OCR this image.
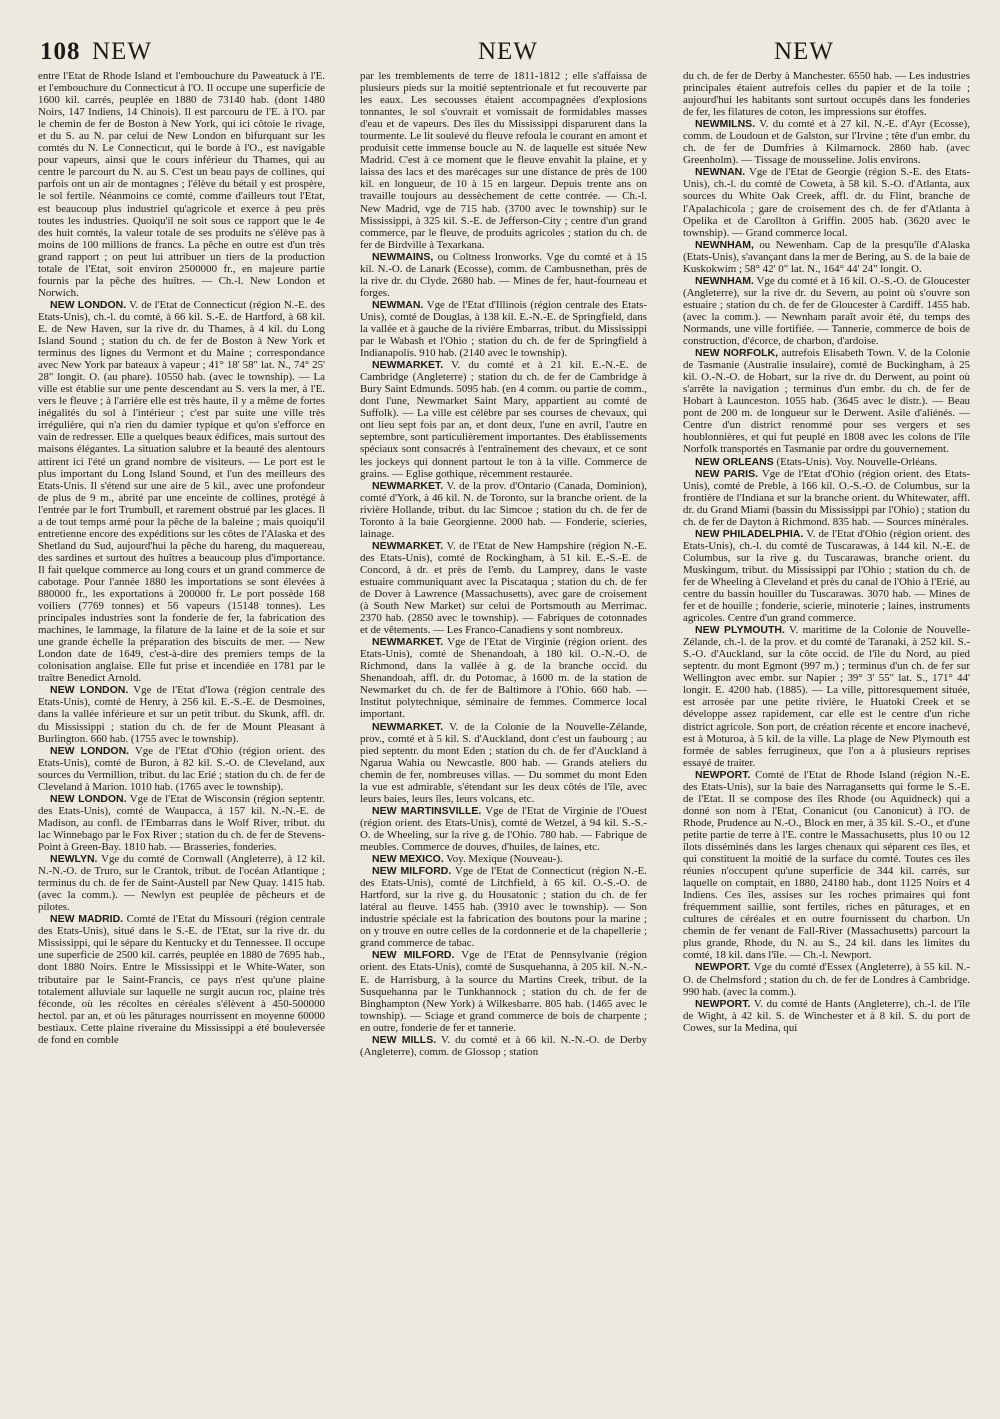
108 NEW	NEW	NEW

entre l'Etat de Rhode Island et l'embouchure du Paweatuck à l'E. et l'embouchure du Connecticut à l'O. Il occupe une superficie de 1600 kil. carrés, peuplée en 1880 de 73140 hab. (dont 1480 Noirs, 147 Indiens, 14 Chinois). Il est parcouru de l'E. à l'O. par le chemin de fer de Boston à New York, qui ici côtoie le rivage, et du S. au N. par celui de New London en bifurquant sur les comtés du N. Le Connecticut, qui le borde à l'O., est navigable pour vapeurs, ainsi que le cours inférieur du Thames, qui au centre le parcourt du N. au S. C'est un beau pays de collines, qui parfois ont un air de montagnes ; l'élève du bétail y est prospère, le sol fertile. Néanmoins ce comté, comme d'ailleurs tout l'Etat, est beaucoup plus industriel qu'agricole et exerce à peu près toutes les industries. Quoiqu'il ne soit sous ce rapport que le 4e des huit comtés, la valeur totale de ses produits ne s'élève pas à moins de 100 millions de francs. La pêche en outre est d'un très grand rapport ; on peut lui attribuer un tiers de la production totale de l'Etat, soit environ 2500000 fr., en majeure partie fournis par la pêche des huîtres. — Ch.-l. New London et Norwich.

NEW LONDON. V. de l'Etat de Connecticut (région N.-E. des Etats-Unis), ch.-l. du comté, à 66 kil. S.-E. de Hartford, à 68 kil. E. de New Haven, sur la rive dr. du Thames, à 4 kil. du Long Island Sound ; station du ch. de fer de Boston à New York et terminus des lignes du Vermont et du Maine ; correspondance avec New York par bateaux à vapeur ; 41° 18' 58" lat. N., 74° 25' 28" longit. O. (au phare). 10550 hab. (avec le township). — La ville est établie sur une pente descendant au S. vers la mer, à l'E. vers le fleuve ; à l'arrière elle est très haute, il y a même de fortes inégalités du sol à l'intérieur ; c'est par suite une ville très irrégulière, qui n'a rien du damier typique et qu'on s'efforce en vain de redresser. Elle a quelques beaux édifices, mais surtout des maisons élégantes. La situation salubre et la beauté des alentours attirent ici l'été un grand nombre de visiteurs. — Le port est le plus important du Long Island Sound, et l'un des meilleurs des Etats-Unis. Il s'étend sur une aire de 5 kil., avec une profondeur de plus de 9 m., abrité par une enceinte de collines, protégé à l'entrée par le fort Trumbull, et rarement obstrué par les glaces. Il a de tout temps armé pour la pêche de la baleine ; mais quoiqu'il entretienne encore des expéditions sur les côtes de l'Alaska et des Shetland du Sud, aujourd'hui la pêche du hareng, du maquereau, des sardines et surtout des huîtres a beaucoup plus d'importance. Il fait quelque commerce au long cours et un grand commerce de cabotage. Pour l'année 1880 les importations se sont élevées à 880000 fr., les exportations à 200000 fr. Le port possède 168 voiliers (7769 tonnes) et 56 vapeurs (15148 tonnes). Les principales industries sont la fonderie de fer, la fabrication des machines, le lammage, la filature de la laine et de la soie et sur une grande échelle la préparation des biscuits de mer. — New London date de 1649, c'est-à-dire des premiers temps de la colonisation anglaise. Elle fut prise et incendiée en 1781 par le traître Benedict Arnold.

NEW LONDON. Vge de l'Etat d'Iowa (région centrale des Etats-Unis), comté de Henry, à 256 kil. E.-S.-E. de Desmoines, dans la vallée inférieure et sur un petit tribut. du Skunk, affl. dr. du Mississippi ; station du ch. de fer de Mount Pleasant à Burlington. 660 hab. (1755 avec le township).

NEW LONDON. Vge de l'Etat d'Ohio (région orient. des Etats-Unis), comté de Buron, à 82 kil. S.-O. de Cleveland, aux sources du Vermillion, tribut. du lac Erié ; station du ch. de fer de Cleveland à Marion. 1010 hab. (1765 avec le township).

NEW LONDON. Vge de l'Etat de Wisconsin (région septentr. des Etats-Unis), comté de Waupacca, à 157 kil. N.-N.-E. de Madison, au confl. de l'Embarras dans le Wolf River, tribut. du lac Winnebago par le Fox River ; station du ch. de fer de Stevens-Point à Green-Bay. 1810 hab. — Brasseries, fonderies.

NEWLYN. Vge du comté de Cornwall (Angleterre), à 12 kil. N.-N.-O. de Truro, sur le Crantok, tribut. de l'océan Atlantique ; terminus du ch. de fer de Saint-Austell par New Quay. 1415 hab. (avec la comm.). — Newlyn est peuplée de pêcheurs et de pilotes.

NEW MADRID. Comté de l'Etat du Missouri (région centrale des Etats-Unis), situé dans le S.-E. de l'Etat, sur la rive dr. du Mississippi, qui le sépare du Kentucky et du Tennessee. Il occupe une superficie de 2500 kil. carrés, peuplée en 1880 de 7695 hab., dont 1880 Noirs. Entre le Mississippi et le White-Water, son tributaire par le Saint-Francis, ce pays n'est qu'une plaine totalement alluviale sur laquelle ne surgit aucun roc, plaine très féconde, où les récoltes en céréales s'élèvent à 450-500000 hectol. par an, et où les pâturages nourrissent en moyenne 60000 bestiaux. Cette plaine riveraine du Mississippi a été bouleversée de fond en comble

par les tremblements de terre de 1811-1812 ; elle s'affaissa de plusieurs pieds sur la moitié septentrionale et fut recouverte par les eaux. Les secousses étaient accompagnées d'explosions tonnantes, le sol s'ouvrait et vomissait de formidables masses d'eau et de vapeurs. Des îles du Mississippi disparurent dans la tourmente. Le lit soulevé du fleuve refoula le courant en amont et produisit cette immense boucle au N. de laquelle est située New Madrid. C'est à ce moment que le fleuve envahit la plaine, et y laissa des lacs et des marécages sur une distance de près de 100 kil. en longueur, de 10 à 15 en largeur. Depuis trente ans on travaille toujours au dessèchement de cette contrée. — Ch.-l. New Madrid, vge de 715 hab. (3700 avec le township) sur le Mississippi, à 325 kil. S.-E. de Jefferson-City ; centre d'un grand commerce, par le fleuve, de produits agricoles ; station du ch. de fer de Birdville à Texarkana.

NEWMAINS, ou Coltness Ironworks. Vge du comté et à 15 kil. N.-O. de Lanark (Ecosse), comm. de Cambusnethan, près de la rive dr. du Clyde. 2680 hab. — Mines de fer, haut-fourneau et forges.

NEWMAN. Vge de l'Etat d'Illinois (région centrale des Etats-Unis), comté de Douglas, à 138 kil. E.-N.-E. de Springfield, dans la vallée et à gauche de la rivière Embarras, tribut. du Mississippi par le Wabash et l'Ohio ; station du ch. de fer de Springfield à Indianapolis. 910 hab. (2140 avec le township).

NEWMARKET. V. du comté et à 21 kil. E.-N.-E. de Cambridge (Angleterre) ; station du ch. de fer de Cambridge à Bury Saint Edmunds. 5095 hab. (en 4 comm. ou partie de comm., dont l'une, Newmarket Saint Mary, appartient au comté de Suffolk). — La ville est célèbre par ses courses de chevaux, qui ont lieu sept fois par an, et dont deux, l'une en avril, l'autre en septembre, sont particulièrement importantes. Des établissements spéciaux sont consacrés à l'entraînement des chevaux, et ce sont les jockeys qui donnent partout le ton à la ville. Commerce de grains. — Eglise gothique, récemment restaurée.

NEWMARKET. V. de la prov. d'Ontario (Canada, Dominion), comté d'York, à 46 kil. N. de Toronto, sur la branche orient. de la rivière Hollande, tribut. du lac Simcoe ; station du ch. de fer de Toronto à la baie Georgienne. 2000 hab. — Fonderie, scieries, lainage.

NEWMARKET. V. de l'Etat de New Hampshire (région N.-E. des Etats-Unis), comté de Rockingham, à 51 kil. E.-S.-E. de Concord, à dr. et près de l'emb. du Lamprey, dans le vaste estuaire communiquant avec la Piscataqua ; station du ch. de fer de Dover à Lawrence (Massachusetts), avec gare de croisement (à South New Market) sur celui de Portsmouth au Merrimac. 2370 hab. (2850 avec le township). — Fabriques de cotonnades et de vêtements. — Les Franco-Canadiens y sont nombreux.

NEWMARKET. Vge de l'Etat de Virginie (région orient. des Etats-Unis), comté de Shenandoah, à 180 kil. O.-N.-O. de Richmond, dans la vallée à g. de la branche occid. du Shenandoah, affl. dr. du Potomac, à 1600 m. de la station de Newmarket du ch. de fer de Baltimore à l'Ohio. 660 hab. — Institut polytechnique, séminaire de femmes. Commerce local important.

NEWMARKET. V. de la Colonie de la Nouvelle-Zélande, prov., comté et à 5 kil. S. d'Auckland, dont c'est un faubourg ; au pied septentr. du mont Eden ; station du ch. de fer d'Auckland à Ngarua Wahia ou Newcastle. 800 hab. — Grands ateliers du chemin de fer, nombreuses villas. — Du sommet du mont Eden la vue est admirable, s'étendant sur les deux côtés de l'île, avec leurs baies, leurs îles, leurs volcans, etc.

NEW MARTINSVILLE. Vge de l'Etat de Virginie de l'Ouest (région orient. des Etats-Unis), comté de Wetzel, à 94 kil. S.-S.-O. de Wheeling, sur la rive g. de l'Ohio. 780 hab. — Fabrique de meubles. Commerce de douves, d'huiles, de laines, etc.

NEW MEXICO. Voy. Mexique (Nouveau-).

NEW MILFORD. Vge de l'Etat de Connecticut (région N.-E. des Etats-Unis), comté de Litchfield, à 65 kil. O.-S.-O. de Hartford, sur la rive g. du Housatonic ; station du ch. de fer latéral au fleuve. 1455 hab. (3910 avec le township). — Son industrie spéciale est la fabrication des boutons pour la marine ; on y trouve en outre celles de la cordonnerie et de la chapellerie ; grand commerce de tabac.

NEW MILFORD. Vge de l'Etat de Pennsylvanie (région orient. des Etats-Unis), comté de Susquehanna, à 205 kil. N.-N.-E. de Harrisburg, à la source du Martins Creek, tribut. de la Susquehanna par le Tunkhannock ; station du ch. de fer de Binghampton (New York) à Wilkesbarre. 805 hab. (1465 avec le township). — Sciage et grand commerce de bois de charpente ; en outre, fonderie de fer et tannerie.

NEW MILLS. V. du comté et à 66 kil. N.-N.-O. de Derby (Angleterre), comm. de Glossop ; station

du ch. de fer de Derby à Manchester. 6550 hab. — Les industries principales étaient autrefois celles du papier et de la toile ; aujourd'hui les habitants sont surtout occupés dans les fonderies de fer, les filatures de coton, les impressions sur étoffes.

NEWMILNS. V. du comté et à 27 kil. N.-E. d'Ayr (Ecosse), comm. de Loudoun et de Galston, sur l'Irvine ; tête d'un embr. du ch. de fer de Dumfries à Kilmarnock. 2860 hab. (avec Greenholm). — Tissage de mousseline. Jolis environs.

NEWNAN. Vge de l'Etat de Georgie (région S.-E. des Etats-Unis), ch.-l. du comté de Coweta, à 58 kil. S.-O. d'Atlanta, aux sources du White Oak Creek, affl. dr. du Flint, branche de l'Apalachicola ; gare de croisement des ch. de fer d'Atlanta à Opelika et de Carollton à Griffin. 2005 hab. (3620 avec le township). — Grand commerce local.

NEWNHAM, ou Newenham. Cap de la presqu'île d'Alaska (Etats-Unis), s'avançant dans la mer de Bering, au S. de la baie de Kuskokwim ; 58° 42' 0" lat. N., 164° 44' 24" longit. O.

NEWNHAM. Vge du comté et à 16 kil. O.-S.-O. de Gloucester (Angleterre), sur la rive dr. du Severn, au point où s'ouvre son estuaire ; station du ch. de fer de Gloucester à Cardiff. 1455 hab. (avec la comm.). — Newnham paraît avoir été, du temps des Normands, une ville fortifiée. — Tannerie, commerce de bois de construction, d'écorce, de charbon, d'ardoise.

NEW NORFOLK, autrefois Elisabeth Town. V. de la Colonie de Tasmanie (Australie insulaire), comté de Buckingham, à 25 kil. O.-N.-O. de Hobart, sur la rive dr. du Derwent, au point où s'arrête la navigation ; terminus d'un embr. du ch. de fer de Hobart à Launceston. 1055 hab. (3645 avec le distr.). — Beau pont de 200 m. de longueur sur le Derwent. Asile d'aliénés. — Centre d'un district renommé pour ses vergers et ses houblonnières, et qui fut peuplé en 1808 avec les colons de l'île Norfolk transportés en Tasmanie par ordre du gouvernement.

NEW ORLEANS (Etats-Unis). Voy. Nouvelle-Orléans.

NEW PARIS. Vge de l'Etat d'Ohio (région orient. des Etats-Unis), comté de Preble, à 166 kil. O.-S.-O. de Columbus, sur la frontière de l'Indiana et sur la branche orient. du Whitewater, affl. dr. du Grand Miami (bassin du Mississippi par l'Ohio) ; station du ch. de fer de Dayton à Richmond. 835 hab. — Sources minérales.

NEW PHILADELPHIA. V. de l'Etat d'Ohio (région orient. des Etats-Unis), ch.-l. du comté de Tuscarawas, à 144 kil. N.-E. de Columbus, sur la rive g. du Tuscarawas, branche orient. du Muskingum, tribut. du Mississippi par l'Ohio ; station du ch. de fer de Wheeling à Cleveland et près du canal de l'Ohio à l'Erié, au centre du bassin houiller du Tuscarawas. 3070 hab. — Mines de fer et de houille ; fonderie, scierie, minoterie ; laines, instruments agricoles. Centre d'un grand commerce.

NEW PLYMOUTH. V. maritime de la Colonie de Nouvelle-Zélande, ch.-l. de la prov. et du comté de Taranaki, à 252 kil. S.-S.-O. d'Auckland, sur la côte occid. de l'île du Nord, au pied septentr. du mont Egmont (997 m.) ; terminus d'un ch. de fer sur Wellington avec embr. sur Napier ; 39° 3' 55" lat. S., 171° 44' longit. E. 4200 hab. (1885). — La ville, pittoresquement située, est arrosée par une petite rivière, le Huatoki Creek et se développe assez rapidement, car elle est le centre d'un riche district agricole. Son port, de création récente et encore inachevé, est à Moturoa, à 5 kil. de la ville. La plage de New Plymouth est formée de sables ferrugineux, que l'on a à plusieurs reprises essayé de traiter.

NEWPORT. Comté de l'Etat de Rhode Island (région N.-E. des Etats-Unis), sur la baie des Narragansetts qui forme le S.-E. de l'Etat. Il se compose des îles Rhode (ou Aquidneck) qui a donné son nom à l'Etat, Conanicut (ou Canonicut) à l'O. de Rhode, Prudence au N.-O., Block en mer, à 35 kil. S.-O., et d'une petite partie de terre à l'E. contre le Massachusetts, plus 10 ou 12 îlots disséminés dans les larges chenaux qui séparent ces îles, et qui constituent la moitié de la surface du comté. Toutes ces îles réunies n'occupent qu'une superficie de 344 kil. carrés, sur laquelle on comptait, en 1880, 24180 hab., dont 1125 Noirs et 4 Indiens. Ces îles, assises sur les roches primaires qui font fréquemment saillie, sont fertiles, riches en pâturages, et en cultures de céréales et en outre fournissent du charbon. Un chemin de fer venant de Fall-River (Massachusetts) parcourt la plus grande, Rhode, du N. au S., 24 kil. dans les limites du comté, 18 kil. dans l'île. — Ch.-l. Newport.

NEWPORT. Vge du comté d'Essex (Angleterre), à 55 kil. N.-O. de Chelmsford ; station du ch. de fer de Londres à Cambridge. 990 hab. (avec la comm.).

NEWPORT. V. du comté de Hants (Angleterre), ch.-l. de l'île de Wight, à 42 kil. S. de Winchester et à 8 kil. S. du port de Cowes, sur la Medina, qui
